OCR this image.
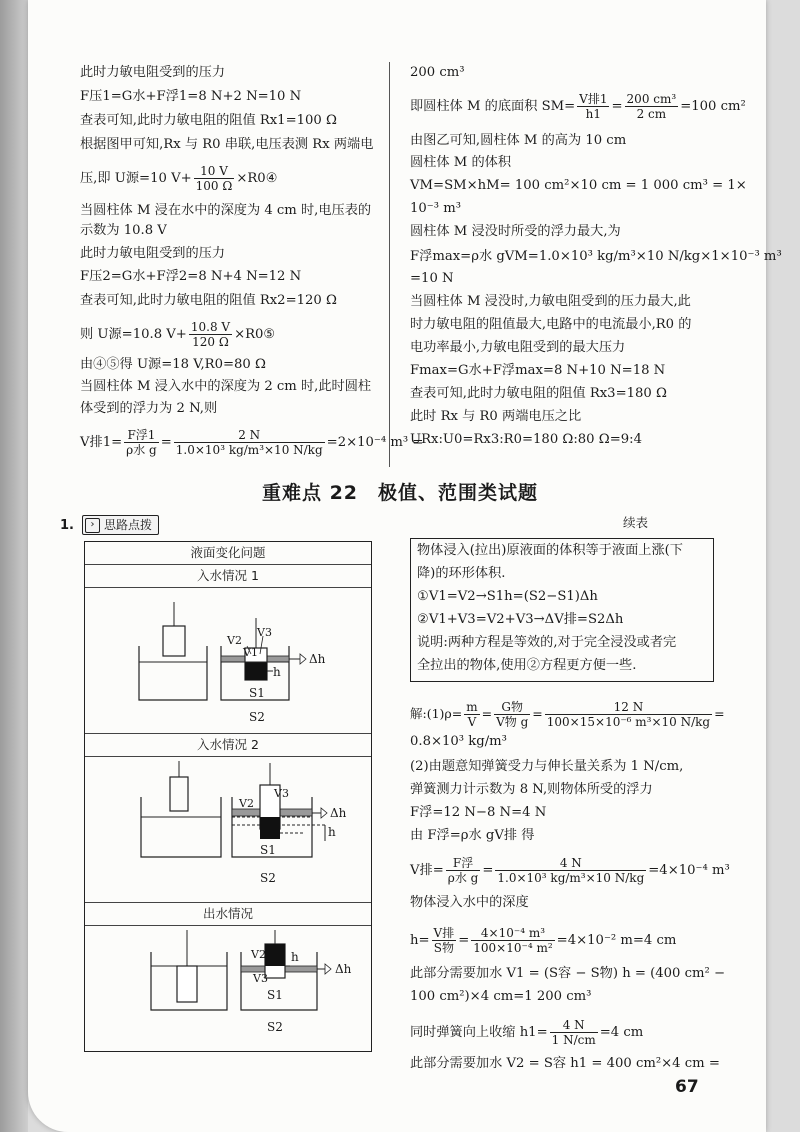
此时力敏电阻受到的压力
F压1=G水+F浮1=8 N+2 N=10 N
查表可知,此时力敏电阻的阻值 Rx1=100 Ω
根据图甲可知,Rx 与 R0 串联,电压表测 Rx 两端电
压,即 U源=10 $V+ \frac{10 V}{100 \Omega}$ ×R0④
当圆柱体 M 浸在水中的深度为 4 cm 时,电压表的
示数为 10.8 V
此时力敏电阻受到的压力
F压2=G水+F浮2=8 N+4 N=12 N
查表可知,此时力敏电阻的阻值 Rx2=120 Ω
则 U源=10.8 $V+ \frac{10.8 V}{120 \Omega}$ ×R0⑤
由④⑤得 U源=18 V,R0=80 Ω
当圆柱体 M 浸入水中的深度为 2 cm 时,此时圆柱
体受到的浮力为 2 N,则
V排$1= \frac{\text{F浮1}}{\text{ρ水 g}} = \frac{2 N}{\text{1.0×10³ kg/m³×10 N/kg}} =2\times 10^{-4}$ m³ =
200 cm³
即圆柱体 M 的底面积 $SM= \frac{\text{V排1}}{h1} = \frac{\text{200 cm³}}{2 cm} =100$ cm²
由图乙可知,圆柱体 M 的高为 10 cm
圆柱体 M 的体积
VM=SM×hM= 100 cm²×10 cm = 1 000 cm³ = 1×
10⁻³ m³
圆柱体 M 浸没时所受的浮力最大,为
F浮max=ρ水 gVM=1.0×10³ kg/m³×10 N/kg×1×10⁻³ m³
=10 N
当圆柱体 M 浸没时,力敏电阻受到的压力最大,此
时力敏电阻的阻值最大,电路中的电流最小,R0 的
电功率最小,力敏电阻受到的最大压力
Fmax=G水+F浮max=8 N+10 N=18 N
查表可知,此时力敏电阻的阻值 Rx3=180 Ω
此时 Rx 与 R0 两端电压之比
URx:U0=Rx3:R0=180 Ω:80 Ω=9:4
重难点 22　极值、范围类试题
1.	› 思路点拨
液面变化问题
入水情况 1
V2
V3
V1	Δh
h
S1
S2
入水情况 2
V2
V3
Δh
h
S1
S2
出水情况
V2
V3
h
Δh
S1
S2
续表
物体浸入(拉出)原液面的体积等于液面上涨(下
降)的环形体积.
①V1=V2→S1h=(S2−S1)Δh
②V1+V3=V2+V3→ΔV排=S2Δh
说明:两种方程是等效的,对于完全浸没或者完
全拉出的物体,使用②方程更方便一些.
解:(1)ρ= $\frac{m}{V} = \frac{\text{G物}}{\text{V物 g}} = \frac{12 N}{\text{100×15×10⁻⁶ m³×10 N/kg}}$ =
0.8×10³ kg/m³
(2)由题意知弹簧受力与伸长量关系为 1 N/cm,
弹簧测力计示数为 8 N,则物体所受的浮力
F浮=12 N−8 N=4 N
由 F浮=ρ水 gV排 得
V排= $\frac{\text{F浮}}{\text{ρ水 g}} = \frac{4 N}{\text{1.0×10³ kg/m³×10 N/kg}} =4\times 10^{-4}$ m³
物体浸入水中的深度
$h= \frac{\text{V排}}{\text{S物}} = \frac{\text{4×10⁻⁴ m³}}{\text{100×10⁻⁴ m²}} =4\times 10^{-2}$ m=4 cm
此部分需要加水 V1 = (S容 − S物) h = (400 cm² −
100 cm²)×4 cm=1 200 cm³
同时弹簧向上收缩 $h1= \frac{4 N}{1 N/cm} =4$ cm
此部分需要加水 V2 = S容 h1 = 400 cm²×4 cm =
67
